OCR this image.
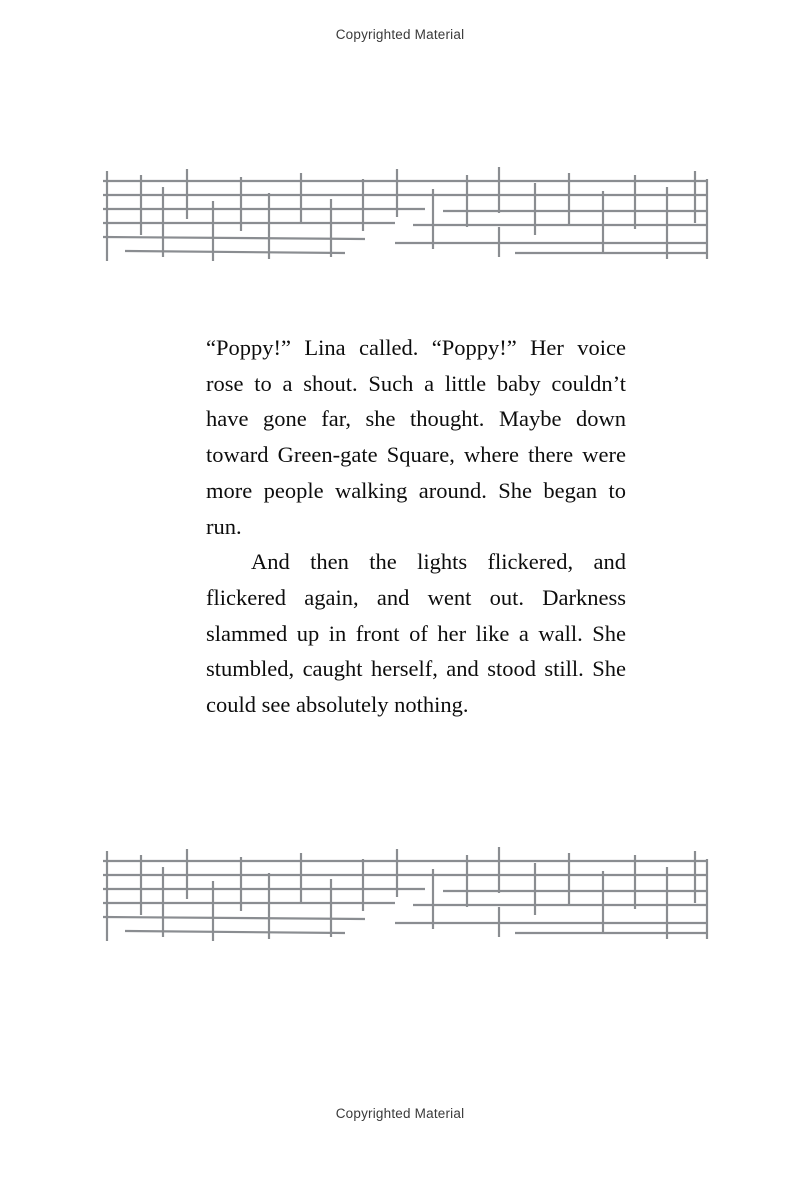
Copyrighted Material

“Poppy!” Lina called. “Poppy!” Her voice rose to a shout. Such a little baby couldn’t have gone far, she thought. Maybe down toward Green-gate Square, where there were more people walking around. She began to run.

And then the lights flickered, and flickered again, and went out. Darkness slammed up in front of her like a wall. She stumbled, caught herself, and stood still. She could see absolutely nothing.

Copyrighted Material
